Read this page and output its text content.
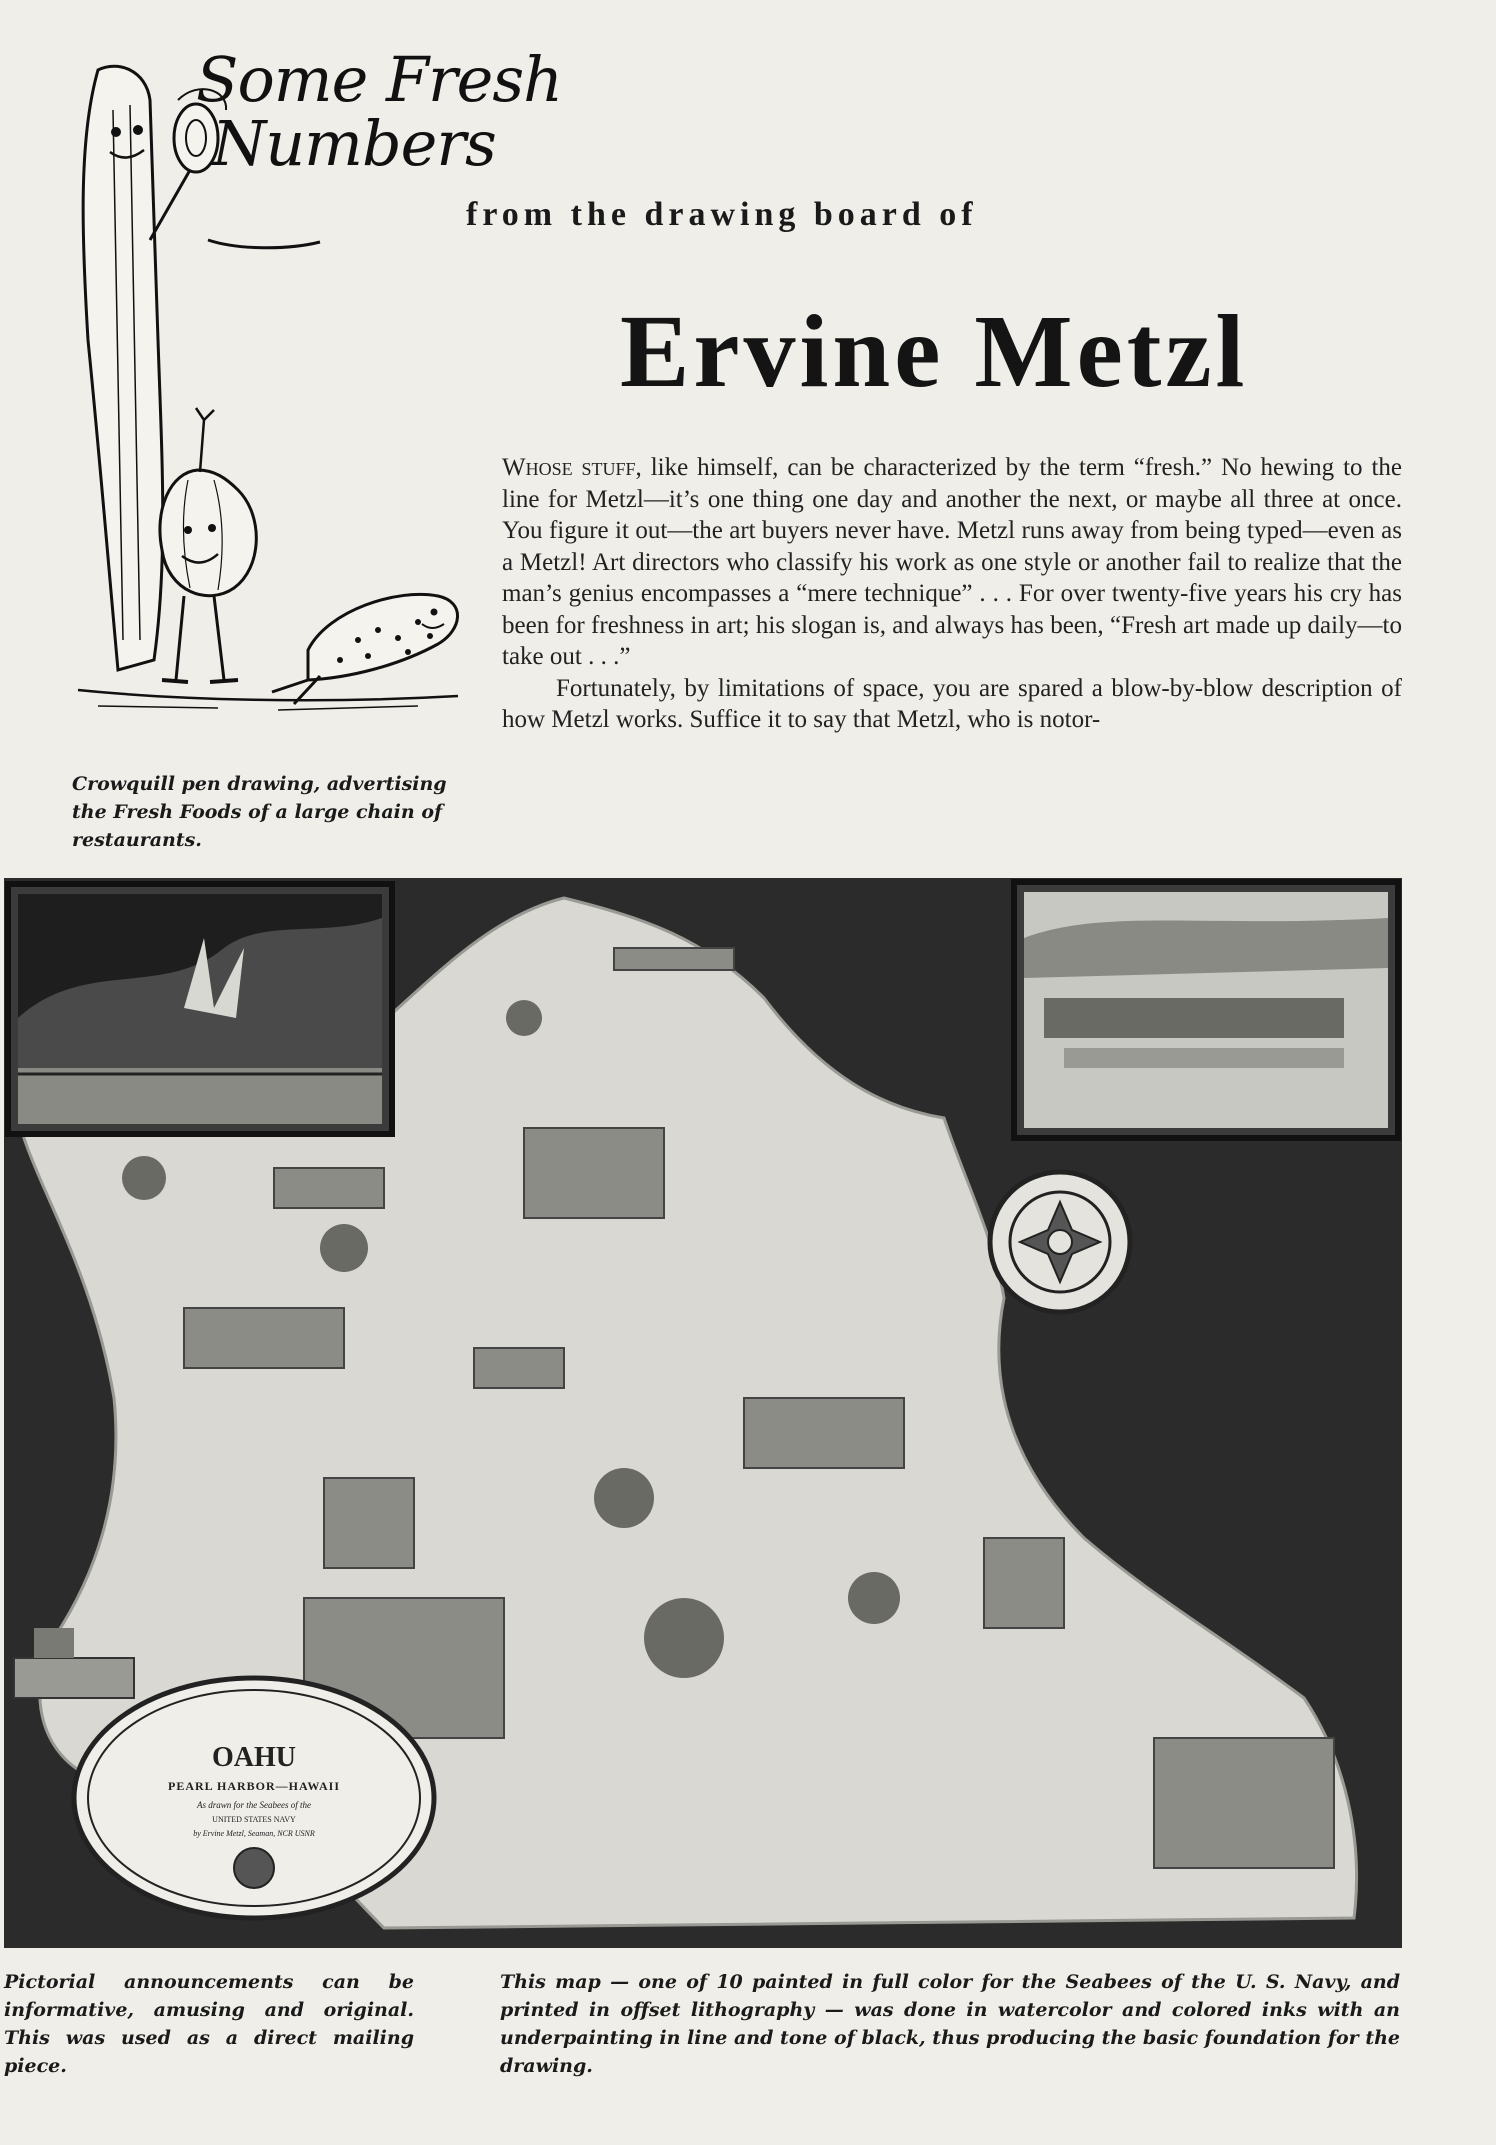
Some Fresh
Numbers
from the drawing board of
Ervine Metzl

Whose stuff, like himself, can be characterized by the term “fresh.” No hewing to the line for Metzl—it’s one thing one day and another the next, or maybe all three at once. You figure it out—the art buyers never have. Metzl runs away from being typed—even as a Metzl! Art directors who classify his work as one style or another fail to realize that the man’s genius encompasses a “mere technique” . . . For over twenty-five years his cry has been for freshness in art; his slogan is, and always has been, “Fresh art made up daily—to take out . . .”

Fortunately, by limitations of space, you are spared a blow-by-blow description of how Metzl works. Suffice it to say that Metzl, who is notor-

Crowquill pen drawing, advertising the Fresh Foods of a large chain of restaurants.
OAHU
PEARL HARBOR—HAWAII
As drawn for the Seabees of the
UNITED STATES NAVY
by Ervine Metzl, Seaman, NCR USNR
Pictorial announcements can be informative, amusing and original. This was used as a direct mailing piece.
This map — one of 10 painted in full color for the Seabees of the U. S. Navy, and printed in offset lithography — was done in watercolor and colored inks with an underpainting in line and tone of black, thus producing the basic foundation for the drawing.
